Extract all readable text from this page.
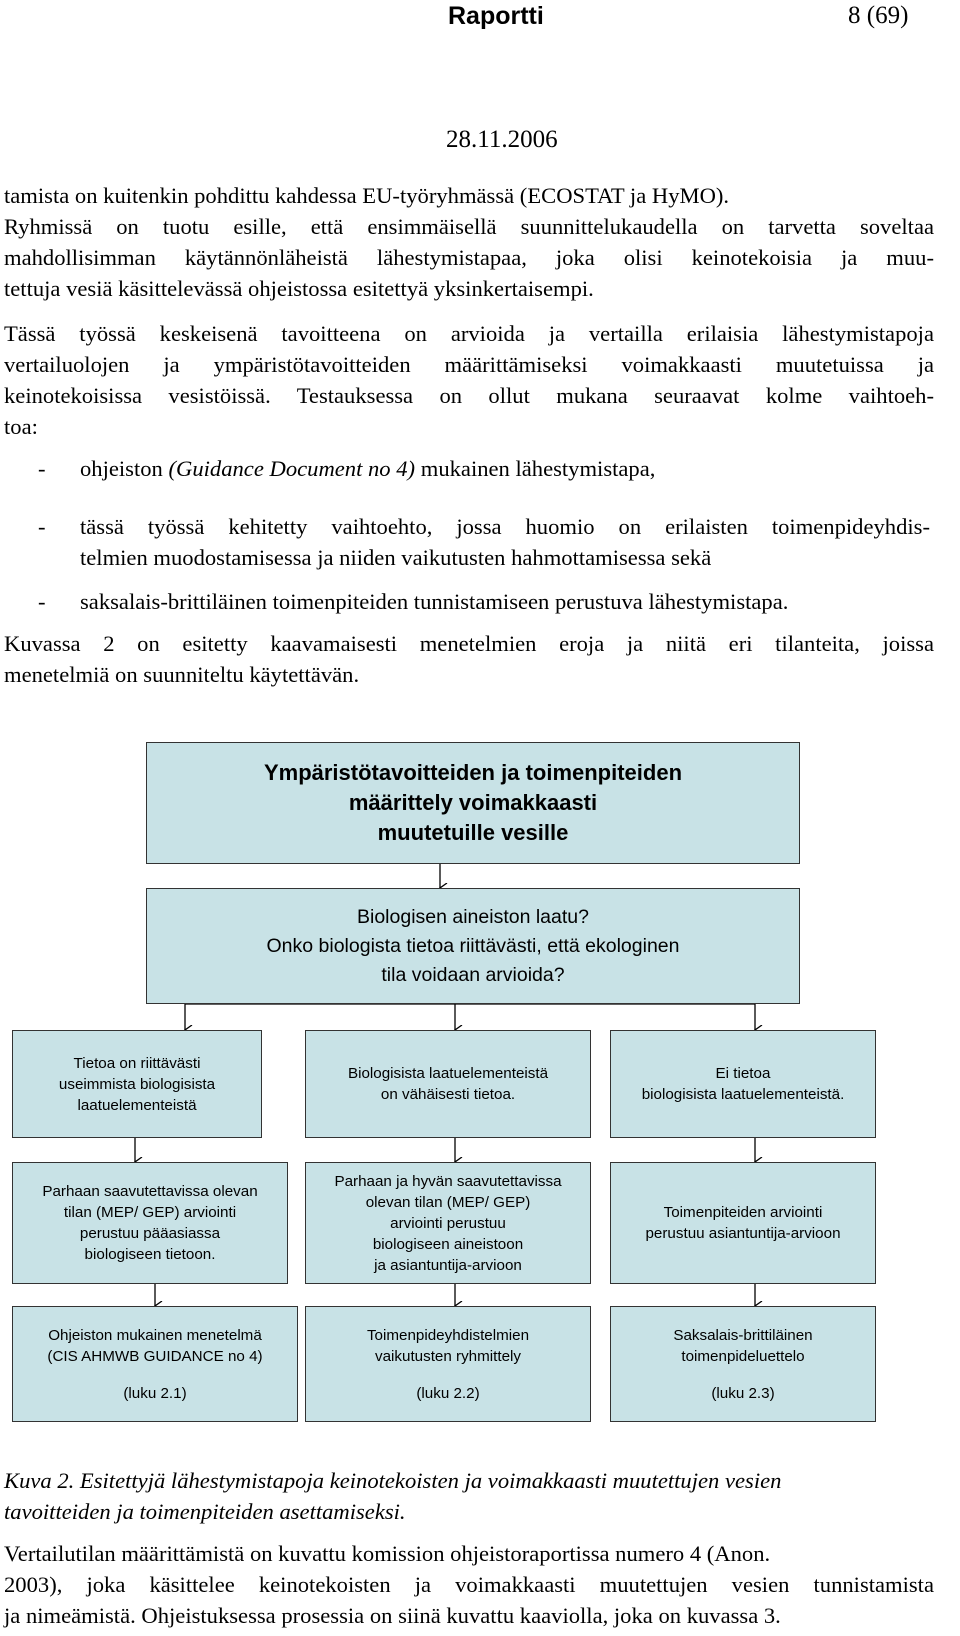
Raportti	8 (69)
28.11.2006
tamista on kuitenkin pohdittu kahdessa EU-työryhmässä (ECOSTAT ja HyMO).
Ryhmissä on tuotu esille, että ensimmäisellä suunnittelukaudella on tarvetta soveltaa
mahdollisimman käytännönläheistä lähestymistapaa, joka olisi keinotekoisia ja muu-
tettuja vesiä käsittelevässä ohjeistossa esitettyä yksinkertaisempi.
Tässä työssä keskeisenä tavoitteena on arvioida ja vertailla erilaisia lähestymistapoja
vertailuolojen ja ympäristötavoitteiden määrittämiseksi voimakkaasti muutetuissa ja
keinotekoisissa vesistöissä. Testauksessa on ollut mukana seuraavat kolme vaihtoeh-
toa:
- ohjeiston (Guidance Document no 4) mukainen lähestymistapa,
- tässä työssä kehitetty vaihtoehto, jossa huomio on erilaisten toimenpideyhdis-
telmien muodostamisessa ja niiden vaikutusten hahmottamisessa sekä
- saksalais-brittiläinen toimenpiteiden tunnistamiseen perustuva lähestymistapa.
Kuvassa 2 on esitetty kaavamaisesti menetelmien eroja ja niitä eri tilanteita, joissa
menetelmiä on suunniteltu käytettävän.
Ympäristötavoitteiden ja toimenpiteiden
määrittely voimakkaasti
muutetuille vesille
Biologisen aineiston laatu?
Onko biologista tietoa riittävästi, että ekologinen
tila voidaan arvioida?
Tietoa on riittävästi
useimmista biologisista
laatuelementeistä
Biologisista laatuelementeistä
on vähäisesti tietoa.
Ei tietoa
biologisista laatuelementeistä.
Parhaan saavutettavissa olevan
tilan (MEP/ GEP) arviointi
perustuu pääasiassa
biologiseen tietoon.
Parhaan ja hyvän saavutettavissa
olevan tilan (MEP/ GEP)
arviointi perustuu
biologiseen aineistoon
ja asiantuntija-arvioon
Toimenpiteiden arviointi
perustuu asiantuntija-arvioon
Ohjeiston mukainen menetelmä
(CIS AHMWB GUIDANCE no 4)
(luku 2.1)
Toimenpideyhdistelmien
vaikutusten ryhmittely
(luku 2.2)
Saksalais-brittiläinen
toimenpideluettelo
(luku 2.3)
Kuva 2. Esitettyjä lähestymistapoja keinotekoisten ja voimakkaasti muutettujen vesien
tavoitteiden ja toimenpiteiden asettamiseksi.
Vertailutilan määrittämistä on kuvattu komission ohjeistoraportissa numero 4 (Anon.
2003), joka käsittelee keinotekoisten ja voimakkaasti muutettujen vesien tunnistamista
ja nimeämistä. Ohjeistuksessa prosessia on siinä kuvattu kaaviolla, joka on kuvassa 3.
